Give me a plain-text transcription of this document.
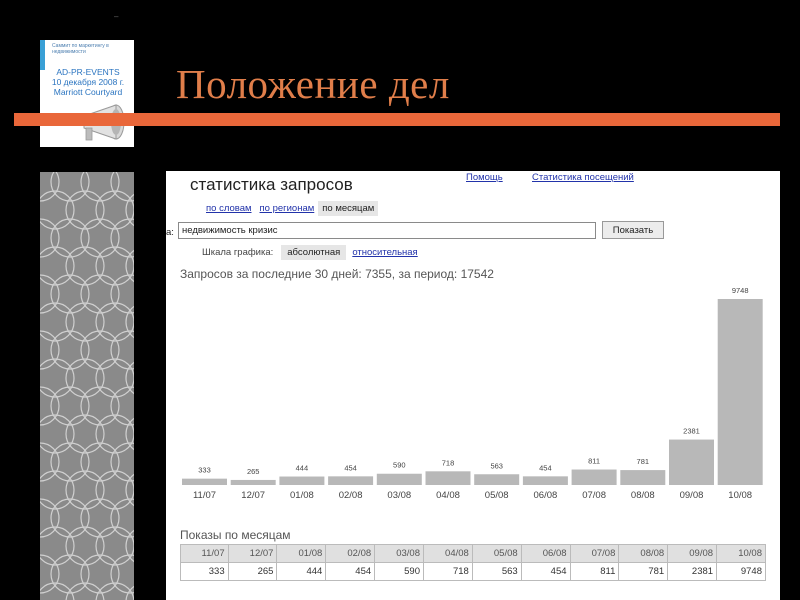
–
Саммит по маркетингу в недвижимости
AD-PR-EVENTS
10 декабря 2008 г.
Marriott Courtyard Положение дел
статистика запросов	Помощь	Статистика посещений
по словам по регионам по месяцам
а:
недвижимость кризис	Показать
Шкала графика:	абсолютная	относительная
Запросов за последние 30 дней: 7355, за период: 17542
333
11/07
265
12/07
444
01/08
454
02/08
590
03/08
718
04/08
563
05/08
454
06/08
811
07/08
781
08/08
2381
09/08
9748
10/08
Показы по месяцам
11/07	12/07	01/08	02/08	03/08	04/08	05/08	06/08	07/08	08/08	09/08	10/08
333	265	444	454	590	718	563	454	811	781	2381	9748
